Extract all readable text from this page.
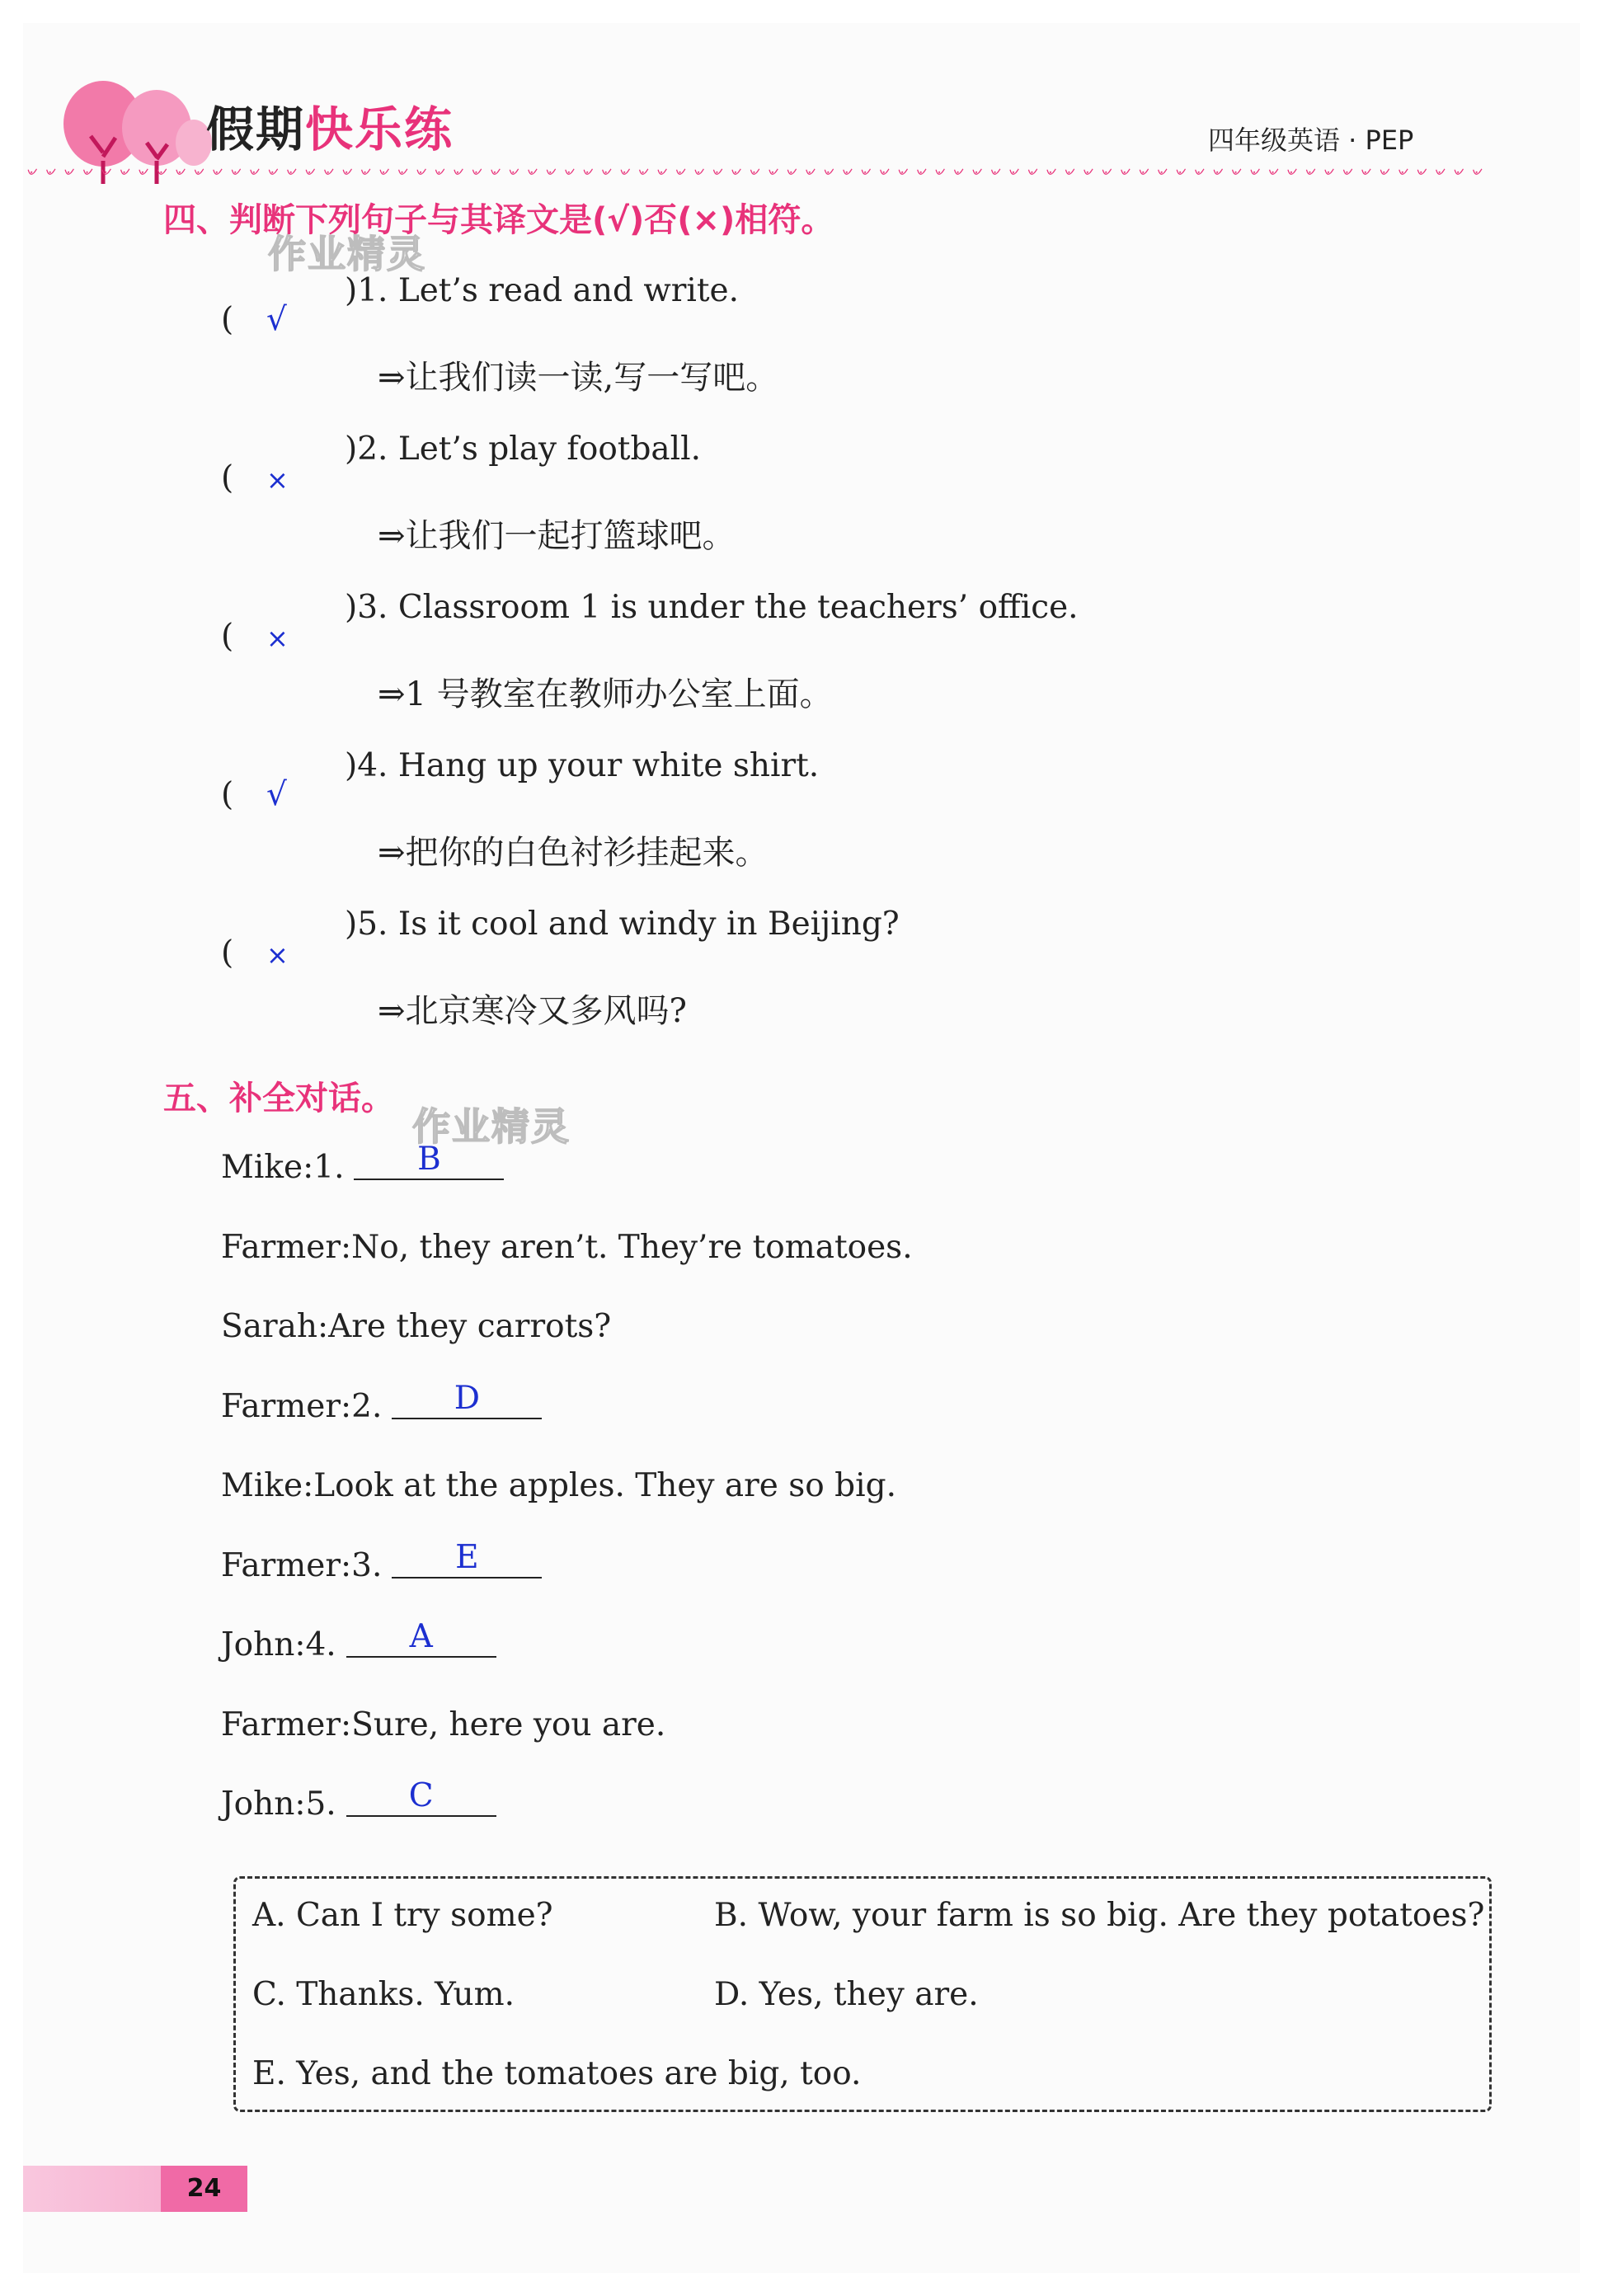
假期快乐练	四年级英语 · PEP
৺ ৺ ৺ ৺ ৺ ৺ ৺ ৺ ৺ ৺ ৺ ৺ ৺ ৺ ৺ ৺ ৺ ৺ ৺ ৺ ৺ ৺ ৺ ৺ ৺ ৺ ৺ ৺ ৺ ৺ ৺ ৺ ৺ ৺ ৺ ৺ ৺ ৺ ৺ ৺ ৺ ৺ ৺ ৺ ৺ ৺ ৺ ৺ ৺ ৺ ৺ ৺ ৺ ৺ ৺ ৺ ৺ ৺ ৺ ৺ ৺ ৺ ৺ ৺ ৺ ৺ ৺ ৺ ৺ ৺ ৺ ৺ ৺ ৺ ৺ ৺ ৺ ৺ ৺
四、判断下列句子与其译文是(√)否(×)相符。
作业精灵
( √
)1. Let’s read and write.
⇒让我们读一读,写一写吧。
( ×
)2. Let’s play football.
⇒让我们一起打篮球吧。
( ×
)3. Classroom 1 is under the teachers’ office.
⇒1 号教室在教师办公室上面。
( √
)4. Hang up your white shirt.
⇒把你的白色衬衫挂起来。
( ×
)5. Is it cool and windy in Beijing?
⇒北京寒冷又多风吗?
五、补全对话。
作业精灵
Mike:1. B
Farmer:No, they aren’t. They’re tomatoes.
Sarah:Are they carrots?
Farmer:2. D
Mike:Look at the apples. They are so big.
Farmer:3. E
John:4. A
Farmer:Sure, here you are.
John:5. C
A. Can I try some?	B. Wow, your farm is so big. Are they potatoes?
C. Thanks. Yum.	D. Yes, they are.
E. Yes, and the tomatoes are big, too.
24
